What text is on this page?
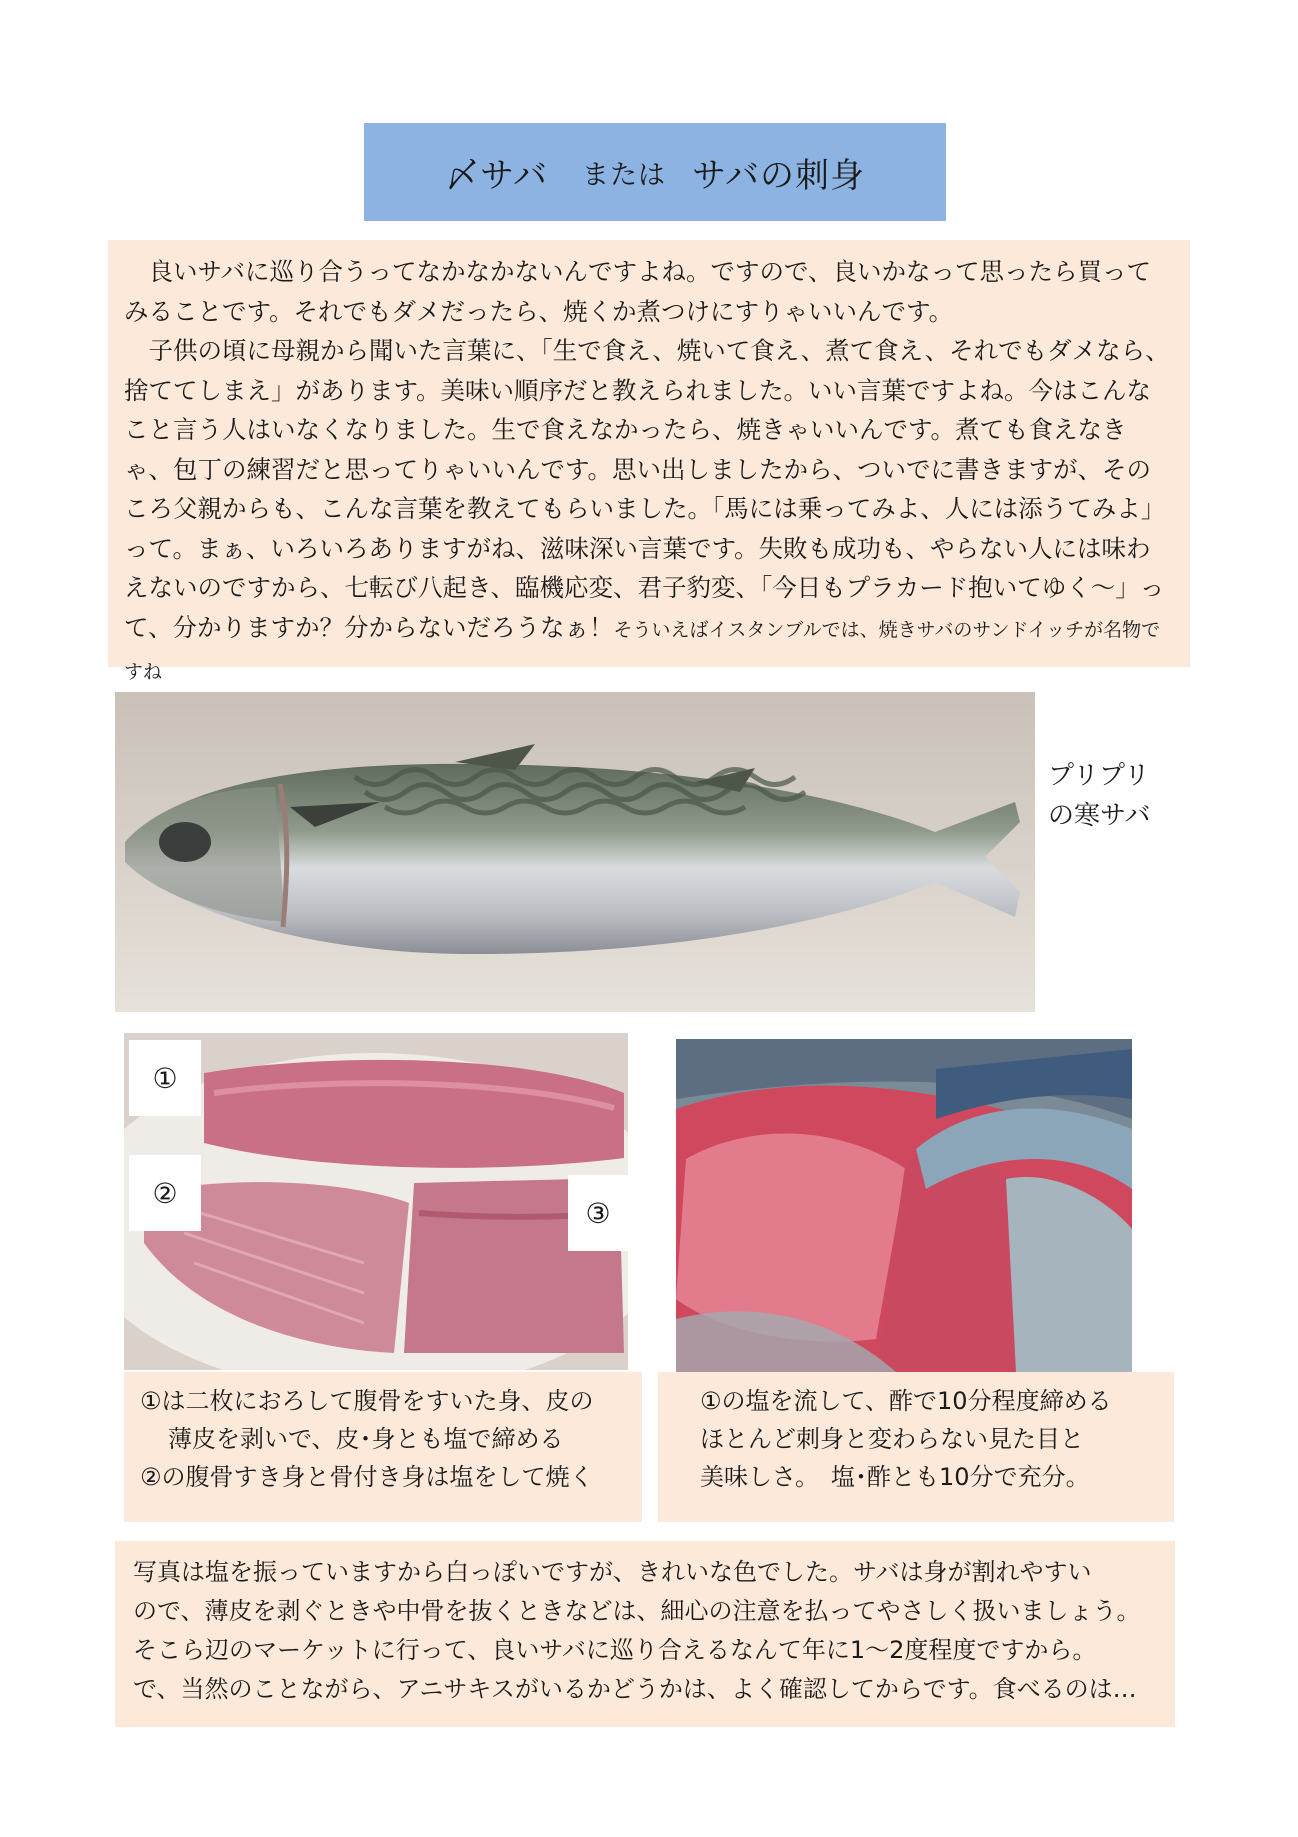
〆サバ または サバの刺身

良いサバに巡り合うってなかなかないんですよね。ですので、良いかなって思ったら買ってみることです。それでもダメだったら、焼くか煮つけにすりゃいいんです。

子供の頃に母親から聞いた言葉に、「生で食え、焼いて食え、煮て食え、それでもダメなら、捨ててしまえ」があります。美味い順序だと教えられました。いい言葉ですよね。今はこんなこと言う人はいなくなりました。生で食えなかったら、焼きゃいいんです。煮ても食えなきゃ、包丁の練習だと思ってりゃいいんです。思い出しましたから、ついでに書きますが、そのころ父親からも、こんな言葉を教えてもらいました。「馬には乗ってみよ、人には添うてみよ」って。まぁ、いろいろありますがね、滋味深い言葉です。失敗も成功も、やらない人には味わえないのですから、七転び八起き、臨機応変、君子豹変、「今日もプラカード抱いてゆく～」って、分かりますか？分からないだろうなぁ！そういえばイスタンブルでは、焼きサバのサンドイッチが名物ですね

プリプリ
の寒サバ
①
②
③
①は二枚におろして腹骨をすいた身、皮の
薄皮を剥いで、皮･身とも塩で締める
②の腹骨すき身と骨付き身は塩をして焼く
①の塩を流して、酢で10分程度締める
ほとんど刺身と変わらない見た目と
美味しさ。　塩･酢とも10分で充分。
写真は塩を振っていますから白っぽいですが、きれいな色でした。サバは身が割れやすい
ので、薄皮を剥ぐときや中骨を抜くときなどは、細心の注意を払ってやさしく扱いましょう。
そこら辺のマーケットに行って、良いサバに巡り合えるなんて年に1～2度程度ですから。
で、当然のことながら、アニサキスがいるかどうかは、よく確認してからです。食べるのは…
